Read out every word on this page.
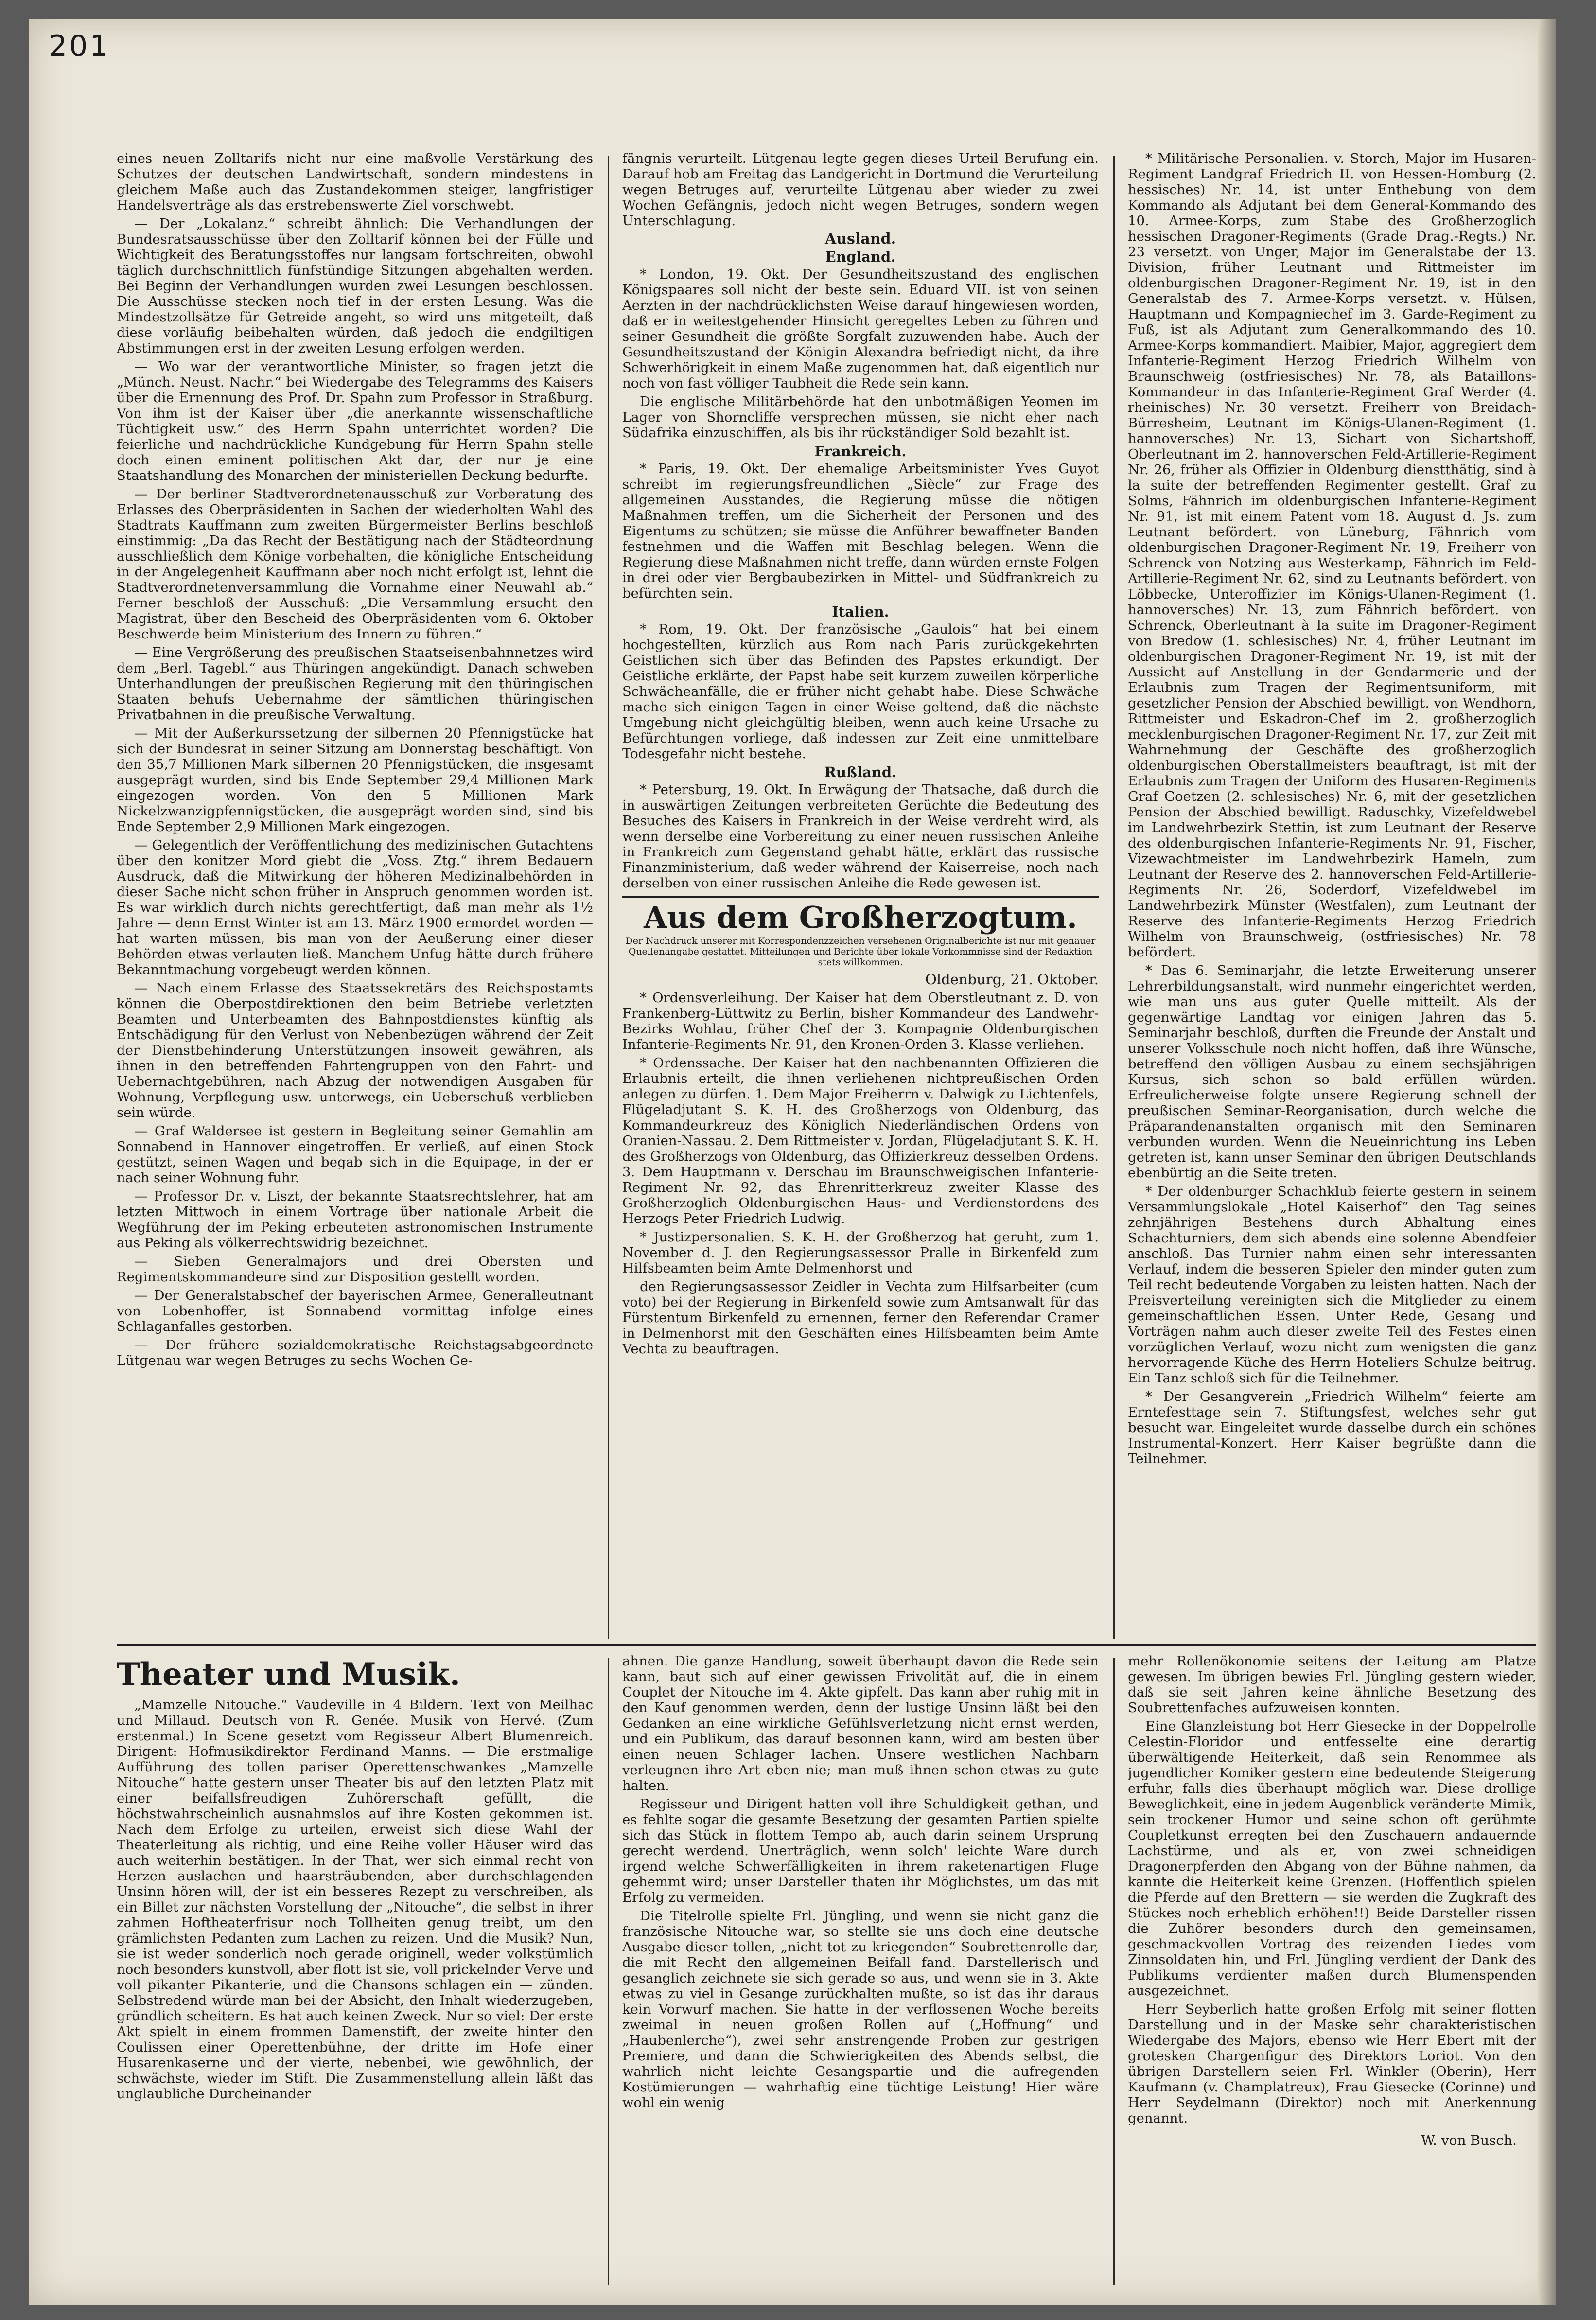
201

eines neuen Zolltarifs nicht nur eine maßvolle Verstärkung des Schutzes der deutschen Landwirtschaft, sondern mindestens in gleichem Maße auch das Zustandekommen steiger, langfristiger Handelsverträge als das erstrebenswerte Ziel vorschwebt.

— Der „Lokalanz.“ schreibt ähnlich: Die Verhandlungen der Bundesratsausschüsse über den Zolltarif können bei der Fülle und Wichtigkeit des Beratungsstoffes nur langsam fortschreiten, obwohl täglich durchschnittlich fünfstündige Sitzungen abgehalten werden. Bei Beginn der Verhandlungen wurden zwei Lesungen beschlossen. Die Ausschüsse stecken noch tief in der ersten Lesung. Was die Mindestzollsätze für Getreide angeht, so wird uns mitgeteilt, daß diese vorläufig beibehalten würden, daß jedoch die endgiltigen Abstimmungen erst in der zweiten Lesung erfolgen werden.

— Wo war der verantwortliche Minister, so fragen jetzt die „Münch. Neust. Nachr.“ bei Wiedergabe des Telegramms des Kaisers über die Ernennung des Prof. Dr. Spahn zum Professor in Straßburg. Von ihm ist der Kaiser über „die anerkannte wissenschaftliche Tüchtigkeit usw.“ des Herrn Spahn unterrichtet worden? Die feierliche und nachdrückliche Kundgebung für Herrn Spahn stelle doch einen eminent politischen Akt dar, der nur je eine Staatshandlung des Monarchen der ministeriellen Deckung bedurfte.

— Der berliner Stadtverordnetenausschuß zur Vorberatung des Erlasses des Oberpräsidenten in Sachen der wiederholten Wahl des Stadtrats Kauffmann zum zweiten Bürgermeister Berlins beschloß einstimmig: „Da das Recht der Bestätigung nach der Städteordnung ausschließlich dem Könige vorbehalten, die königliche Entscheidung in der Angelegenheit Kauffmann aber noch nicht erfolgt ist, lehnt die Stadtverordnetenversammlung die Vornahme einer Neuwahl ab.“ Ferner beschloß der Ausschuß: „Die Versammlung ersucht den Magistrat, über den Bescheid des Oberpräsidenten vom 6. Oktober Beschwerde beim Ministerium des Innern zu führen.“

— Eine Vergrößerung des preußischen Staatseisenbahnnetzes wird dem „Berl. Tagebl.“ aus Thüringen angekündigt. Danach schweben Unterhandlungen der preußischen Regierung mit den thüringischen Staaten behufs Uebernahme der sämtlichen thüringischen Privatbahnen in die preußische Verwaltung.

— Mit der Außerkurssetzung der silbernen 20 Pfennigstücke hat sich der Bundesrat in seiner Sitzung am Donnerstag beschäftigt. Von den 35,7 Millionen Mark silbernen 20 Pfennigstücken, die insgesamt ausgeprägt wurden, sind bis Ende September 29,4 Millionen Mark eingezogen worden. Von den 5 Millionen Mark Nickelzwanzigpfennigstücken, die ausgeprägt worden sind, sind bis Ende September 2,9 Millionen Mark eingezogen.

— Gelegentlich der Veröffentlichung des medizinischen Gutachtens über den konitzer Mord giebt die „Voss. Ztg.“ ihrem Bedauern Ausdruck, daß die Mitwirkung der höheren Medizinalbehörden in dieser Sache nicht schon früher in Anspruch genommen worden ist. Es war wirklich durch nichts gerechtfertigt, daß man mehr als 1½ Jahre — denn Ernst Winter ist am 13. März 1900 ermordet worden — hat warten müssen, bis man von der Aeußerung einer dieser Behörden etwas verlauten ließ. Manchem Unfug hätte durch frühere Bekanntmachung vorgebeugt werden können.

— Nach einem Erlasse des Staatssekretärs des Reichspostamts können die Oberpostdirektionen den beim Betriebe verletzten Beamten und Unterbeamten des Bahnpostdienstes künftig als Entschädigung für den Verlust von Nebenbezügen während der Zeit der Dienstbehinderung Unterstützungen insoweit gewähren, als ihnen in den betreffenden Fahrtengruppen von den Fahrt- und Uebernachtgebühren, nach Abzug der notwendigen Ausgaben für Wohnung, Verpflegung usw. unterwegs, ein Ueberschuß verblieben sein würde.

— Graf Waldersee ist gestern in Begleitung seiner Gemahlin am Sonnabend in Hannover eingetroffen. Er verließ, auf einen Stock gestützt, seinen Wagen und begab sich in die Equipage, in der er nach seiner Wohnung fuhr.

— Professor Dr. v. Liszt, der bekannte Staatsrechtslehrer, hat am letzten Mittwoch in einem Vortrage über nationale Arbeit die Wegführung der im Peking erbeuteten astronomischen Instrumente aus Peking als völkerrechtswidrig bezeichnet.

— Sieben Generalmajors und drei Obersten und Regimentskommandeure sind zur Disposition gestellt worden.

— Der Generalstabschef der bayerischen Armee, Generalleutnant von Lobenhoffer, ist Sonnabend vormittag infolge eines Schlaganfalles gestorben.

— Der frühere sozialdemokratische Reichstagsabgeordnete Lütgenau war wegen Betruges zu sechs Wochen Ge-

fängnis verurteilt. Lütgenau legte gegen dieses Urteil Berufung ein. Darauf hob am Freitag das Landgericht in Dortmund die Verurteilung wegen Betruges auf, verurteilte Lütgenau aber wieder zu zwei Wochen Gefängnis, jedoch nicht wegen Betruges, sondern wegen Unterschlagung.

Ausland.
England.

* London, 19. Okt. Der Gesundheitszustand des englischen Königspaares soll nicht der beste sein. Eduard VII. ist von seinen Aerzten in der nachdrücklichsten Weise darauf hingewiesen worden, daß er in weitestgehender Hinsicht geregeltes Leben zu führen und seiner Gesundheit die größte Sorgfalt zuzuwenden habe. Auch der Gesundheitszustand der Königin Alexandra befriedigt nicht, da ihre Schwerhörigkeit in einem Maße zugenommen hat, daß eigentlich nur noch von fast völliger Taubheit die Rede sein kann.

Die englische Militärbehörde hat den unbotmäßigen Yeomen im Lager von Shorncliffe versprechen müssen, sie nicht eher nach Südafrika einzuschiffen, als bis ihr rückständiger Sold bezahlt ist.

Frankreich.

* Paris, 19. Okt. Der ehemalige Arbeitsminister Yves Guyot schreibt im regierungsfreundlichen „Siècle“ zur Frage des allgemeinen Ausstandes, die Regierung müsse die nötigen Maßnahmen treffen, um die Sicherheit der Personen und des Eigentums zu schützen; sie müsse die Anführer bewaffneter Banden festnehmen und die Waffen mit Beschlag belegen. Wenn die Regierung diese Maßnahmen nicht treffe, dann würden ernste Folgen in drei oder vier Bergbaubezirken in Mittel- und Südfrankreich zu befürchten sein.

Italien.

* Rom, 19. Okt. Der französische „Gaulois“ hat bei einem hochgestellten, kürzlich aus Rom nach Paris zurückgekehrten Geistlichen sich über das Befinden des Papstes erkundigt. Der Geistliche erklärte, der Papst habe seit kurzem zuweilen körperliche Schwächeanfälle, die er früher nicht gehabt habe. Diese Schwäche mache sich einigen Tagen in einer Weise geltend, daß die nächste Umgebung nicht gleichgültig bleiben, wenn auch keine Ursache zu Befürchtungen vorliege, daß indessen zur Zeit eine unmittelbare Todesgefahr nicht bestehe.

Rußland.

* Petersburg, 19. Okt. In Erwägung der Thatsache, daß durch die in auswärtigen Zeitungen verbreiteten Gerüchte die Bedeutung des Besuches des Kaisers in Frankreich in der Weise verdreht wird, als wenn derselbe eine Vorbereitung zu einer neuen russischen Anleihe in Frankreich zum Gegenstand gehabt hätte, erklärt das russische Finanzministerium, daß weder während der Kaiserreise, noch nach derselben von einer russischen Anleihe die Rede gewesen ist.

Aus dem Großherzogtum.
Der Nachdruck unserer mit Korrespondenzzeichen versehenen Originalberichte ist nur mit genauer Quellenangabe gestattet. Mitteilungen und Berichte über lokale Vorkommnisse sind der Redaktion stets willkommen.
Oldenburg, 21. Oktober.

* Ordensverleihung. Der Kaiser hat dem Oberstleutnant z. D. von Frankenberg-Lüttwitz zu Berlin, bisher Kommandeur des Landwehr-Bezirks Wohlau, früher Chef der 3. Kompagnie Oldenburgischen Infanterie-Regiments Nr. 91, den Kronen-Orden 3. Klasse verliehen.

* Ordenssache. Der Kaiser hat den nachbenannten Offizieren die Erlaubnis erteilt, die ihnen verliehenen nichtpreußischen Orden anlegen zu dürfen. 1. Dem Major Freiherrn v. Dalwigk zu Lichtenfels, Flügeladjutant S. K. H. des Großherzogs von Oldenburg, das Kommandeurkreuz des Königlich Niederländischen Ordens von Oranien-Nassau. 2. Dem Rittmeister v. Jordan, Flügeladjutant S. K. H. des Großherzogs von Oldenburg, das Offizierkreuz desselben Ordens. 3. Dem Hauptmann v. Derschau im Braunschweigischen Infanterie-Regiment Nr. 92, das Ehrenritterkreuz zweiter Klasse des Großherzoglich Oldenburgischen Haus- und Verdienstordens des Herzogs Peter Friedrich Ludwig.

* Justizpersonalien. S. K. H. der Großherzog hat geruht, zum 1. November d. J. den Regierungsassessor Pralle in Birkenfeld zum Hilfsbeamten beim Amte Delmenhorst und

den Regierungsassessor Zeidler in Vechta zum Hilfsarbeiter (cum voto) bei der Regierung in Birkenfeld sowie zum Amtsanwalt für das Fürstentum Birkenfeld zu ernennen, ferner den Referendar Cramer in Delmenhorst mit den Geschäften eines Hilfsbeamten beim Amte Vechta zu beauftragen.

* Militärische Personalien. v. Storch, Major im Husaren-Regiment Landgraf Friedrich II. von Hessen-Homburg (2. hessisches) Nr. 14, ist unter Enthebung von dem Kommando als Adjutant bei dem General-Kommando des 10. Armee-Korps, zum Stabe des Großherzoglich hessischen Dragoner-Regiments (Grade Drag.-Regts.) Nr. 23 versetzt. von Unger, Major im Generalstabe der 13. Division, früher Leutnant und Rittmeister im oldenburgischen Dragoner-Regiment Nr. 19, ist in den Generalstab des 7. Armee-Korps versetzt. v. Hülsen, Hauptmann und Kompagniechef im 3. Garde-Regiment zu Fuß, ist als Adjutant zum Generalkommando des 10. Armee-Korps kommandiert. Maibier, Major, aggregiert dem Infanterie-Regiment Herzog Friedrich Wilhelm von Braunschweig (ostfriesisches) Nr. 78, als Bataillons-Kommandeur in das Infanterie-Regiment Graf Werder (4. rheinisches) Nr. 30 versetzt. Freiherr von Breidach-Bürresheim, Leutnant im Königs-Ulanen-Regiment (1. hannoversches) Nr. 13, Sichart von Sichartshoff, Oberleutnant im 2. hannoverschen Feld-Artillerie-Regiment Nr. 26, früher als Offizier in Oldenburg dienstthätig, sind à la suite der betreffenden Regimenter gestellt. Graf zu Solms, Fähnrich im oldenburgischen Infanterie-Regiment Nr. 91, ist mit einem Patent vom 18. August d. Js. zum Leutnant befördert. von Lüneburg, Fähnrich vom oldenburgischen Dragoner-Regiment Nr. 19, Freiherr von Schrenck von Notzing aus Westerkamp, Fähnrich im Feld-Artillerie-Regiment Nr. 62, sind zu Leutnants befördert. von Löbbecke, Unteroffizier im Königs-Ulanen-Regiment (1. hannoversches) Nr. 13, zum Fähnrich befördert. von Schrenck, Oberleutnant à la suite im Dragoner-Regiment von Bredow (1. schlesisches) Nr. 4, früher Leutnant im oldenburgischen Dragoner-Regiment Nr. 19, ist mit der Aussicht auf Anstellung in der Gendarmerie und der Erlaubnis zum Tragen der Regimentsuniform, mit gesetzlicher Pension der Abschied bewilligt. von Wendhorn, Rittmeister und Eskadron-Chef im 2. großherzoglich mecklenburgischen Dragoner-Regiment Nr. 17, zur Zeit mit Wahrnehmung der Geschäfte des großherzoglich oldenburgischen Oberstallmeisters beauftragt, ist mit der Erlaubnis zum Tragen der Uniform des Husaren-Regiments Graf Goetzen (2. schlesisches) Nr. 6, mit der gesetzlichen Pension der Abschied bewilligt. Raduschky, Vizefeldwebel im Landwehrbezirk Stettin, ist zum Leutnant der Reserve des oldenburgischen Infanterie-Regiments Nr. 91, Fischer, Vizewachtmeister im Landwehrbezirk Hameln, zum Leutnant der Reserve des 2. hannoverschen Feld-Artillerie-Regiments Nr. 26, Soderdorf, Vizefeldwebel im Landwehrbezirk Münster (Westfalen), zum Leutnant der Reserve des Infanterie-Regiments Herzog Friedrich Wilhelm von Braunschweig, (ostfriesisches) Nr. 78 befördert.

* Das 6. Seminarjahr, die letzte Erweiterung unserer Lehrerbildungsanstalt, wird nunmehr eingerichtet werden, wie man uns aus guter Quelle mitteilt. Als der gegenwärtige Landtag vor einigen Jahren das 5. Seminarjahr beschloß, durften die Freunde der Anstalt und unserer Volksschule noch nicht hoffen, daß ihre Wünsche, betreffend den völligen Ausbau zu einem sechsjährigen Kursus, sich schon so bald erfüllen würden. Erfreulicherweise folgte unsere Regierung schnell der preußischen Seminar-Reorganisation, durch welche die Präparandenanstalten organisch mit den Seminaren verbunden wurden. Wenn die Neueinrichtung ins Leben getreten ist, kann unser Seminar den übrigen Deutschlands ebenbürtig an die Seite treten.

* Der oldenburger Schachklub feierte gestern in seinem Versammlungslokale „Hotel Kaiserhof“ den Tag seines zehnjährigen Bestehens durch Abhaltung eines Schachturniers, dem sich abends eine solenne Abendfeier anschloß. Das Turnier nahm einen sehr interessanten Verlauf, indem die besseren Spieler den minder guten zum Teil recht bedeutende Vorgaben zu leisten hatten. Nach der Preisverteilung vereinigten sich die Mitglieder zu einem gemeinschaftlichen Essen. Unter Rede, Gesang und Vorträgen nahm auch dieser zweite Teil des Festes einen vorzüglichen Verlauf, wozu nicht zum wenigsten die ganz hervorragende Küche des Herrn Hoteliers Schulze beitrug. Ein Tanz schloß sich für die Teilnehmer.

* Der Gesangverein „Friedrich Wilhelm“ feierte am Erntefesttage sein 7. Stiftungsfest, welches sehr gut besucht war. Eingeleitet wurde dasselbe durch ein schönes Instrumental-Konzert. Herr Kaiser begrüßte dann die Teilnehmer.

Theater und Musik.

„Mamzelle Nitouche.“ Vaudeville in 4 Bildern. Text von Meilhac und Millaud. Deutsch von R. Genée. Musik von Hervé. (Zum erstenmal.) In Scene gesetzt vom Regisseur Albert Blumenreich. Dirigent: Hofmusikdirektor Ferdinand Manns. — Die erstmalige Aufführung des tollen pariser Operettenschwankes „Mamzelle Nitouche“ hatte gestern unser Theater bis auf den letzten Platz mit einer beifallsfreudigen Zuhörerschaft gefüllt, die höchstwahrscheinlich ausnahmslos auf ihre Kosten gekommen ist. Nach dem Erfolge zu urteilen, erweist sich diese Wahl der Theaterleitung als richtig, und eine Reihe voller Häuser wird das auch weiterhin bestätigen. In der That, wer sich einmal recht von Herzen auslachen und haarsträubenden, aber durchschlagenden Unsinn hören will, der ist ein besseres Rezept zu verschreiben, als ein Billet zur nächsten Vorstellung der „Nitouche“, die selbst in ihrer zahmen Hoftheaterfrisur noch Tollheiten genug treibt, um den grämlichsten Pedanten zum Lachen zu reizen. Und die Musik? Nun, sie ist weder sonderlich noch gerade originell, weder volkstümlich noch besonders kunstvoll, aber flott ist sie, voll prickelnder Verve und voll pikanter Pikanterie, und die Chansons schlagen ein — zünden. Selbstredend würde man bei der Absicht, den Inhalt wiederzugeben, gründlich scheitern. Es hat auch keinen Zweck. Nur so viel: Der erste Akt spielt in einem frommen Damenstift, der zweite hinter den Coulissen einer Operettenbühne, der dritte im Hofe einer Husarenkaserne und der vierte, nebenbei, wie gewöhnlich, der schwächste, wieder im Stift. Die Zusammenstellung allein läßt das unglaubliche Durcheinander

ahnen. Die ganze Handlung, soweit überhaupt davon die Rede sein kann, baut sich auf einer gewissen Frivolität auf, die in einem Couplet der Nitouche im 4. Akte gipfelt. Das kann aber ruhig mit in den Kauf genommen werden, denn der lustige Unsinn läßt bei den Gedanken an eine wirkliche Gefühlsverletzung nicht ernst werden, und ein Publikum, das darauf besonnen kann, wird am besten über einen neuen Schlager lachen. Unsere westlichen Nachbarn verleugnen ihre Art eben nie; man muß ihnen schon etwas zu gute halten.

Regisseur und Dirigent hatten voll ihre Schuldigkeit gethan, und es fehlte sogar die gesamte Besetzung der gesamten Partien spielte sich das Stück in flottem Tempo ab, auch darin seinem Ursprung gerecht werdend. Unerträglich, wenn solch' leichte Ware durch irgend welche Schwerfälligkeiten in ihrem raketenartigen Fluge gehemmt wird; unser Darsteller thaten ihr Möglichstes, um das mit Erfolg zu vermeiden.

Die Titelrolle spielte Frl. Jüngling, und wenn sie nicht ganz die französische Nitouche war, so stellte sie uns doch eine deutsche Ausgabe dieser tollen, „nicht tot zu kriegenden“ Soubrettenrolle dar, die mit Recht den allgemeinen Beifall fand. Darstellerisch und gesanglich zeichnete sie sich gerade so aus, und wenn sie in 3. Akte etwas zu viel in Gesange zurückhalten mußte, so ist das ihr daraus kein Vorwurf machen. Sie hatte in der verflossenen Woche bereits zweimal in neuen großen Rollen auf („Hoffnung“ und „Haubenlerche“), zwei sehr anstrengende Proben zur gestrigen Premiere, und dann die Schwierigkeiten des Abends selbst, die wahrlich nicht leichte Gesangspartie und die aufregenden Kostümierungen — wahrhaftig eine tüchtige Leistung! Hier wäre wohl ein wenig

mehr Rollenökonomie seitens der Leitung am Platze gewesen. Im übrigen bewies Frl. Jüngling gestern wieder, daß sie seit Jahren keine ähnliche Besetzung des Soubrettenfaches aufzuweisen konnten.

Eine Glanzleistung bot Herr Giesecke in der Doppelrolle Celestin-Floridor und entfesselte eine derartig überwältigende Heiterkeit, daß sein Renommee als jugendlicher Komiker gestern eine bedeutende Steigerung erfuhr, falls dies überhaupt möglich war. Diese drollige Beweglichkeit, eine in jedem Augenblick veränderte Mimik, sein trockener Humor und seine schon oft gerühmte Coupletkunst erregten bei den Zuschauern andauernde Lachstürme, und als er, von zwei schneidigen Dragonerpferden den Abgang von der Bühne nahmen, da kannte die Heiterkeit keine Grenzen. (Hoffentlich spielen die Pferde auf den Brettern — sie werden die Zugkraft des Stückes noch erheblich erhöhen!!) Beide Darsteller rissen die Zuhörer besonders durch den gemeinsamen, geschmackvollen Vortrag des reizenden Liedes vom Zinnsoldaten hin, und Frl. Jüngling verdient der Dank des Publikums verdienter maßen durch Blumenspenden ausgezeichnet.

Herr Seyberlich hatte großen Erfolg mit seiner flotten Darstellung und in der Maske sehr charakteristischen Wiedergabe des Majors, ebenso wie Herr Ebert mit der grotesken Chargenfigur des Direktors Loriot. Von den übrigen Darstellern seien Frl. Winkler (Oberin), Herr Kaufmann (v. Champlatreux), Frau Giesecke (Corinne) und Herr Seydelmann (Direktor) noch mit Anerkennung genannt.

W. von Busch.
